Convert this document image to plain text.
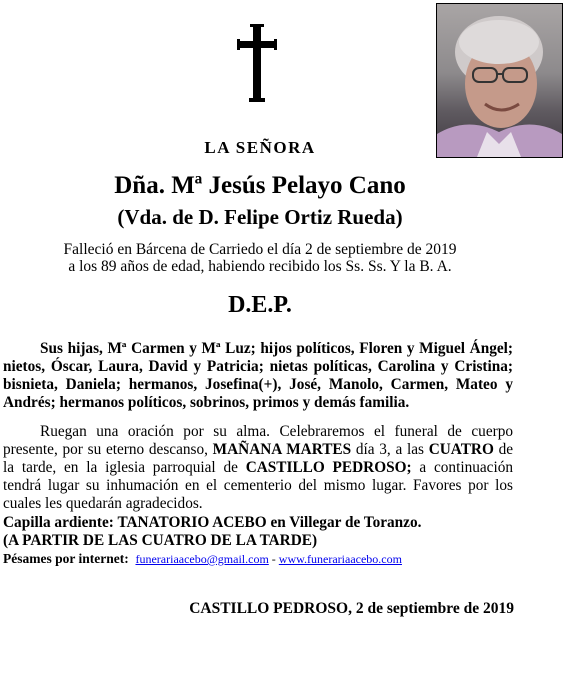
LA SEÑORA
Dña. Mª Jesús Pelayo Cano
(Vda. de D. Felipe Ortiz Rueda)
Falleció en Bárcena de Carriedo el día 2 de septiembre de 2019
a los 89 años de edad, habiendo recibido los Ss. Ss. Y la B. A.
D.E.P.
Sus hijas, Mª Carmen y Mª Luz; hijos políticos, Floren y Miguel Ángel; nietos, Óscar, Laura, David y Patricia; nietas políticas, Carolina y Cristina; bisnieta, Daniela; hermanos, Josefina(+), José, Manolo, Carmen, Mateo y Andrés; hermanos políticos, sobrinos, primos y demás familia.
Ruegan una oración por su alma. Celebraremos el funeral de cuerpo presente, por su eterno descanso, MAÑANA MARTES día 3, a las CUATRO de la tarde, en la iglesia parroquial de CASTILLO PEDROSO; a continuación tendrá lugar su inhumación en el cementerio del mismo lugar. Favores por los cuales les quedarán agradecidos.
Capilla ardiente: TANATORIO ACEBO en Villegar de Toranzo.
(A PARTIR DE LAS CUATRO DE LA TARDE)
Pésames por internet: funerariaacebo@gmail.com - www.funerariaacebo.com
CASTILLO PEDROSO, 2 de septiembre de 2019
